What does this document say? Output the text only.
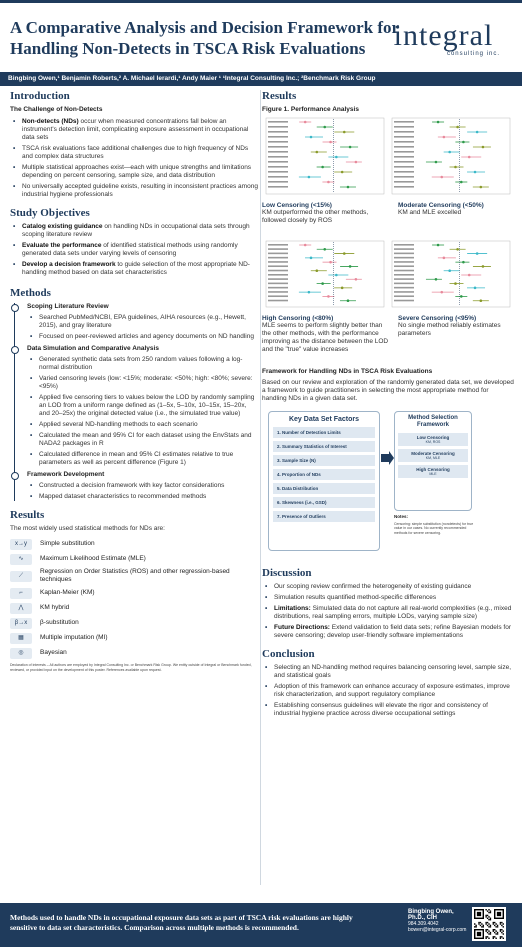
A Comparative Analysis and Decision Framework for Handling Non-Detects in TSCA Risk Evaluations integral
consulting inc.
Bingbing Owen,¹ Benjamin Roberts,² A. Michael Ierardi,¹ Andy Maier ¹ ¹Integral Consulting Inc.; ²Benchmark Risk Group
Introduction
The Challenge of Non-Detects
• Non-detects (NDs) occur when measured concentrations fall below an instrument's detection limit, complicating exposure assessment in occupational data sets
• TSCA risk evaluations face additional challenges due to high frequency of NDs and complex data structures
• Multiple statistical approaches exist—each with unique strengths and limitations depending on percent censoring, sample size, and data distribution
• No universally accepted guideline exists, resulting in inconsistent practices among industrial hygiene professionals
Study Objectives
• Catalog existing guidance on handling NDs in occupational data sets through scoping literature review
• Evaluate the performance of identified statistical methods using randomly generated data sets under varying levels of censoring
• Develop a decision framework to guide selection of the most appropriate ND-handling method based on data set characteristics
Methods
Scoping Literature Review
• Searched PubMed/NCBI, EPA guidelines, AIHA resources (e.g., Hewett, 2015), and gray literature
• Focused on peer-reviewed articles and agency documents on ND handling
Data Simulation and Comparative Analysis
• Generated synthetic data sets from 250 random values following a log-normal distribution
• Varied censoring levels (low: <15%; moderate: <50%; high: <80%; severe: <95%)
• Applied five censoring tiers to values below the LOD by randomly sampling an LOD from a uniform range defined as (1–5x, 5–10x, 10–15x, 15–20x, and 20–25x) the original detected value (i.e., the simulated true value)
• Applied several ND-handling methods to each scenario
• Calculated the mean and 95% CI for each dataset using the EnvStats and NADA2 packages in R
• Calculated difference in mean and 95% CI estimates relative to true parameters as well as percent difference (Figure 1)
Framework Development
• Constructed a decision framework with key factor considerations
• Mapped dataset characteristics to recommended methods
Results
The most widely used statistical methods for NDs are:
x→y	Simple substitution
∿	Maximum Likelihood Estimate (MLE)
⟋
Regression on Order Statistics (ROS) and other regression-based techniques
⌐	Kaplan-Meier (KM)
⋀	KM hybrid
β→x	β-substitution
▦	Multiple imputation (MI)
◎	Bayesian
Declaration of interests – All authors are employed by Integral Consulting Inc. or Benchmark Risk Group. We entity outside of Integral or Benchmark funded, reviewed, or provided input on the development of this poster. References available upon request.
Results
Figure 1. Performance Analysis
Low Censoring (<15%)
KM outperformed the other methods, followed closely by ROS
Moderate Censoring (<50%)
KM and MLE excelled
High Censoring (<80%)
MLE seems to perform slightly better than the other methods, with the performance improving as the distance between the LOD and the "true" value increases
Severe Censoring (<95%)
No single method reliably estimates parameters
Framework for Handling NDs in TSCA Risk Evaluations
Based on our review and exploration of the randomly generated data set, we developed a framework to guide practitioners in selecting the most appropriate method for handling NDs in a given data set.
Key Data Set Factors
1. Number of Detection Limits
2. Summary Statistics of Interest
3. Sample Size (N)
4. Proportion of NDs
5. Data Distribution
6. Skewness (i.e., GSD)
7. Presence of Outliers
Method Selection Framework
Low Censoring
KM, ROS
Moderate Censoring
KM, MLE
High Censoring
MLE
Notes:
Censoring: simple substitution (nondetects) for true value in our cases. No currently recommended methods for severe censoring.
Discussion
• Our scoping review confirmed the heterogeneity of existing guidance
• Simulation results quantified method-specific differences
• Limitations: Simulated data do not capture all real-world complexities (e.g., mixed distributions, real sampling errors, multiple LODs, varying sample size)
• Future Directions: Extend validation to field data sets; refine Bayesian models for severe censoring; develop user-friendly software implementations
Conclusion
• Selecting an ND-handling method requires balancing censoring level, sample size, and statistical goals
• Adoption of this framework can enhance accuracy of exposure estimates, improve risk characterization, and support regulatory compliance
• Establishing consensus guidelines will elevate the rigor and consistency of industrial hygiene practice across diverse occupational settings
Methods used to handle NDs in occupational exposure data sets as part of TSCA risk evaluations are highly sensitive to data set characteristics. Comparison across multiple methods is recommended.
Bingbing Owen,
Ph.D., CIH
984.309.4042
bowen@integral-corp.com
